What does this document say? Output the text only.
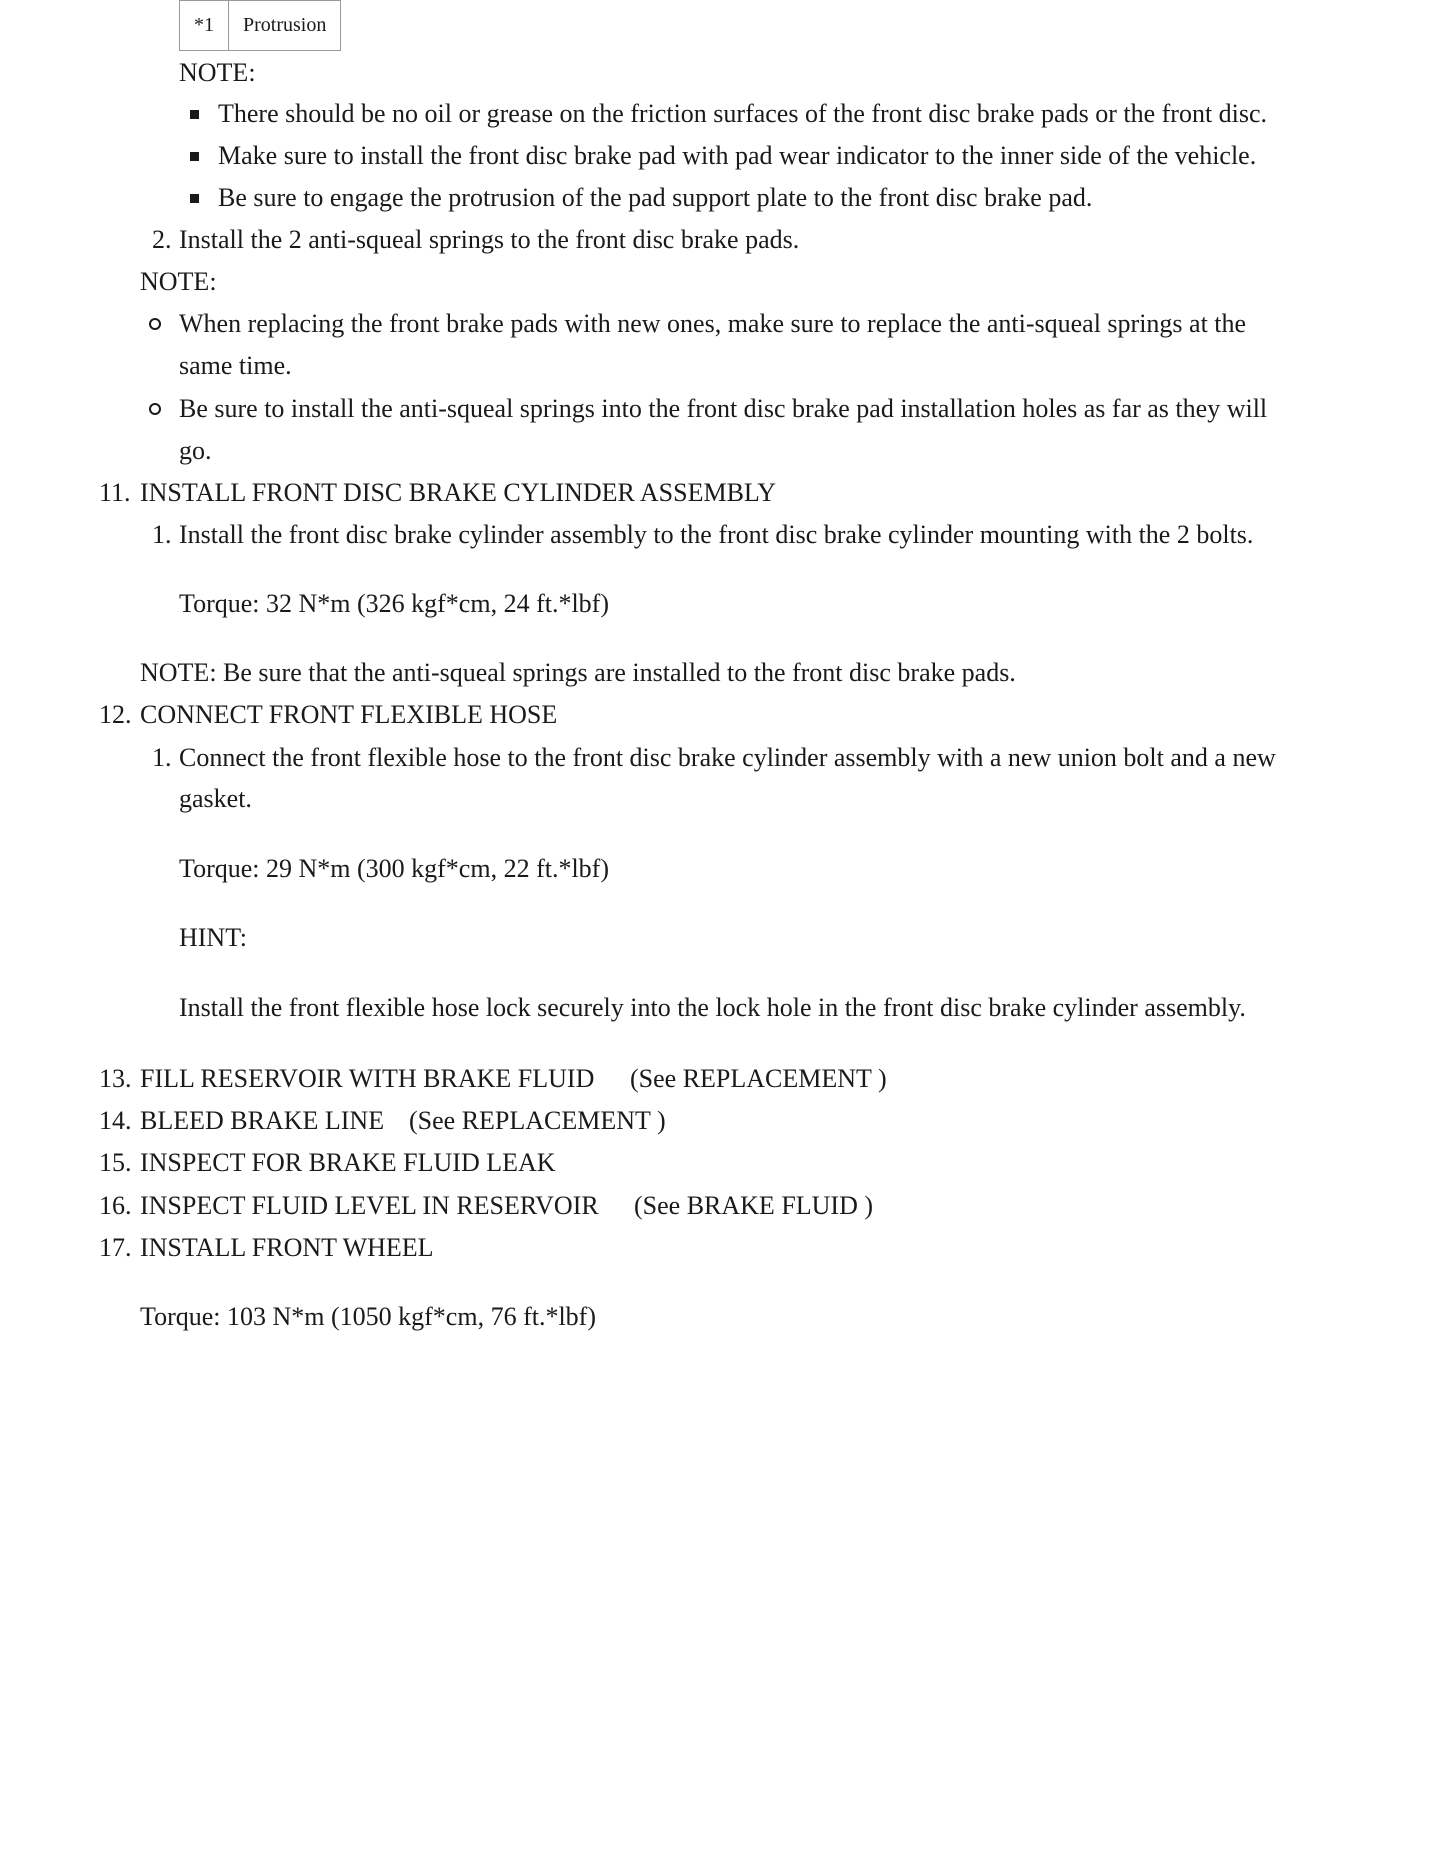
*1	Protrusion
NOTE:
There should be no oil or grease on the friction surfaces of the front disc brake pads or the front disc.
Make sure to install the front disc brake pad with pad wear indicator to the inner side of the vehicle.
Be sure to engage the protrusion of the pad support plate to the front disc brake pad.
2. Install the 2 anti-squeal springs to the front disc brake pads.
NOTE:
When replacing the front brake pads with new ones, make sure to replace the anti-squeal springs at the
same time.
Be sure to install the anti-squeal springs into the front disc brake pad installation holes as far as they will
go.
11. INSTALL FRONT DISC BRAKE CYLINDER ASSEMBLY
1. Install the front disc brake cylinder assembly to the front disc brake cylinder mounting with the 2 bolts.
Torque: 32 N*m (326 kgf*cm, 24 ft.*lbf)
NOTE: Be sure that the anti-squeal springs are installed to the front disc brake pads.
12. CONNECT FRONT FLEXIBLE HOSE
1. Connect the front flexible hose to the front disc brake cylinder assembly with a new union bolt and a new
gasket.
Torque: 29 N*m (300 kgf*cm, 22 ft.*lbf)
HINT:
Install the front flexible hose lock securely into the lock hole in the front disc brake cylinder assembly.
13. FILL RESERVOIR WITH BRAKE FLUID (See REPLACEMENT )
14. BLEED BRAKE LINE (See REPLACEMENT )
15. INSPECT FOR BRAKE FLUID LEAK
16. INSPECT FLUID LEVEL IN RESERVOIR (See BRAKE FLUID )
17. INSTALL FRONT WHEEL
Torque: 103 N*m (1050 kgf*cm, 76 ft.*lbf)
